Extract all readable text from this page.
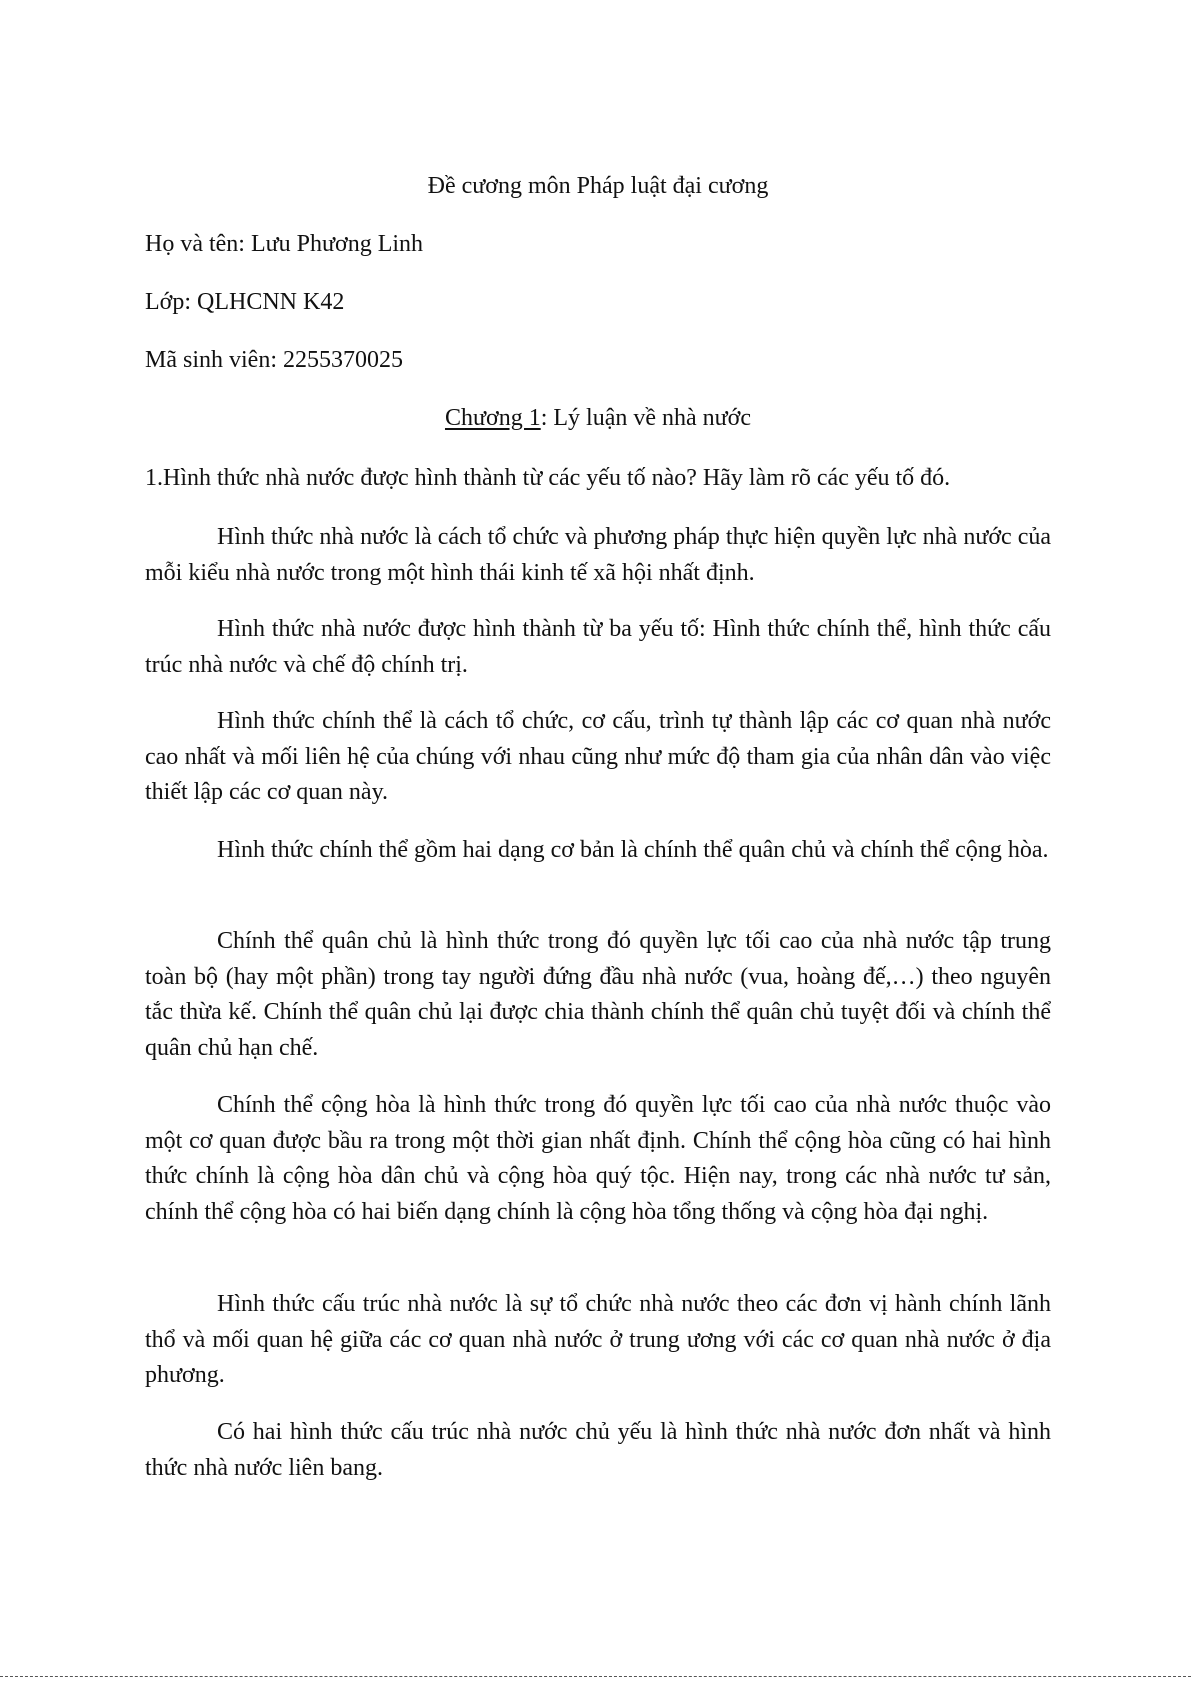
Đề cương môn Pháp luật đại cương
Họ và tên: Lưu Phương Linh
Lớp: QLHCNN K42
Mã sinh viên: 2255370025
Chương 1: Lý luận về nhà nước
1.Hình thức nhà nước được hình thành từ các yếu tố nào? Hãy làm rõ các yếu tố đó.

Hình thức nhà nước là cách tổ chức và phương pháp thực hiện quyền lực nhà nước của mỗi kiểu nhà nước trong một hình thái kinh tế xã hội nhất định.

Hình thức nhà nước được hình thành từ ba yếu tố: Hình thức chính thể, hình thức cấu trúc nhà nước và chế độ chính trị.

Hình thức chính thể là cách tổ chức, cơ cấu, trình tự thành lập các cơ quan nhà nước cao nhất và mối liên hệ của chúng với nhau cũng như mức độ tham gia của nhân dân vào việc thiết lập các cơ quan này.

Hình thức chính thể gồm hai dạng cơ bản là chính thể quân chủ và chính thể cộng hòa.

Chính thể quân chủ là hình thức trong đó quyền lực tối cao của nhà nước tập trung toàn bộ (hay một phần) trong tay người đứng đầu nhà nước (vua, hoàng đế,…) theo nguyên tắc thừa kế. Chính thể quân chủ lại được chia thành chính thể quân chủ tuyệt đối và chính thể quân chủ hạn chế.

Chính thể cộng hòa là hình thức trong đó quyền lực tối cao của nhà nước thuộc vào một cơ quan được bầu ra trong một thời gian nhất định. Chính thể cộng hòa cũng có hai hình thức chính là cộng hòa dân chủ và cộng hòa quý tộc. Hiện nay, trong các nhà nước tư sản, chính thể cộng hòa có hai biến dạng chính là cộng hòa tổng thống và cộng hòa đại nghị.

Hình thức cấu trúc nhà nước là sự tổ chức nhà nước theo các đơn vị hành chính lãnh thổ và mối quan hệ giữa các cơ quan nhà nước ở trung ương với các cơ quan nhà nước ở địa phương.

Có hai hình thức cấu trúc nhà nước chủ yếu là hình thức nhà nước đơn nhất và hình thức nhà nước liên bang.
